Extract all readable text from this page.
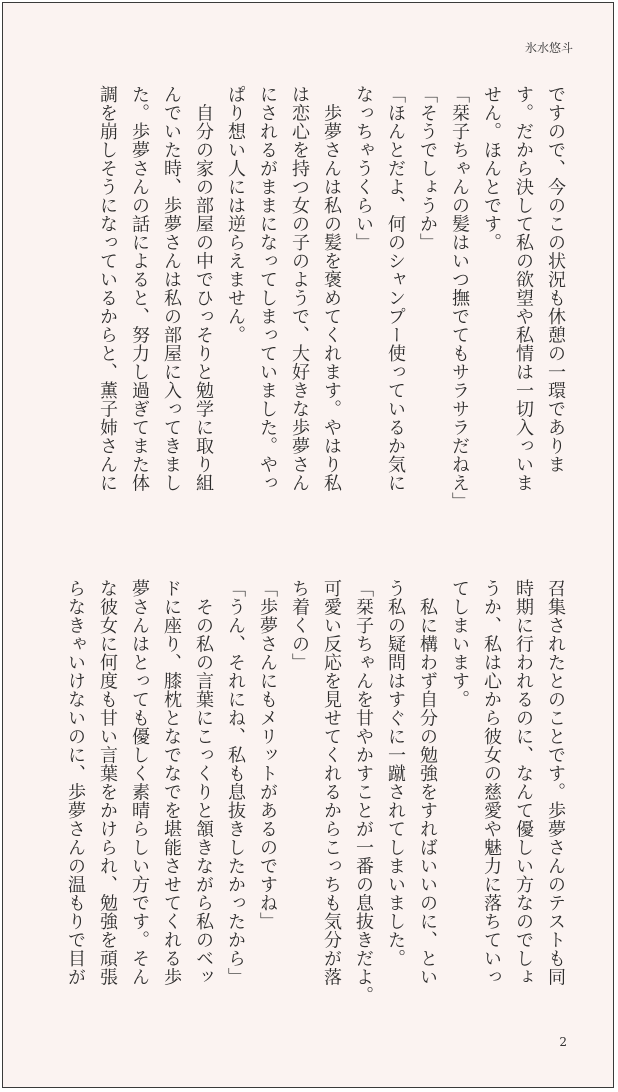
氷水悠斗
ですので、今のこの状況も休憩の一環でありま
す。だから決して私の欲望や私情は一切入っいま
せん。ほんとです。
「栞子ちゃんの髪はいつ撫でてもサラサラだねえ」
「そうでしょうか」
「ほんとだよ、何のシャンプー使っているか気に
なっちゃうくらい」
　歩夢さんは私の髪を褒めてくれます。やはり私
は恋心を持つ女の子のようで、大好きな歩夢さん
にされるがままになってしまっていました。やっ
ぱり想い人には逆らえません。
　自分の家の部屋の中でひっそりと勉学に取り組
んでいた時、歩夢さんは私の部屋に入ってきまし
た。歩夢さんの話によると、努力し過ぎてまた体
調を崩しそうになっているからと、薫子姉さんに
召集されたとのことです。歩夢さんのテストも同
時期に行われるのに、なんて優しい方なのでしょ
うか、私は心から彼女の慈愛や魅力に落ちていっ
てしまいます。
　私に構わず自分の勉強をすればいいのに、とい
う私の疑問はすぐに一蹴されてしまいました。
「栞子ちゃんを甘やかすことが一番の息抜きだよ。
可愛い反応を見せてくれるからこっちも気分が落
ち着くの」
「歩夢さんにもメリットがあるのですね」
「うん、それにね、私も息抜きしたかったから」
　その私の言葉にこっくりと頷きながら私のベッ
ドに座り、膝枕となでなでを堪能させてくれる歩
夢さんはとっても優しく素晴らしい方です。そん
な彼女に何度も甘い言葉をかけられ、勉強を頑張
らなきゃいけないのに、歩夢さんの温もりで目が
2
